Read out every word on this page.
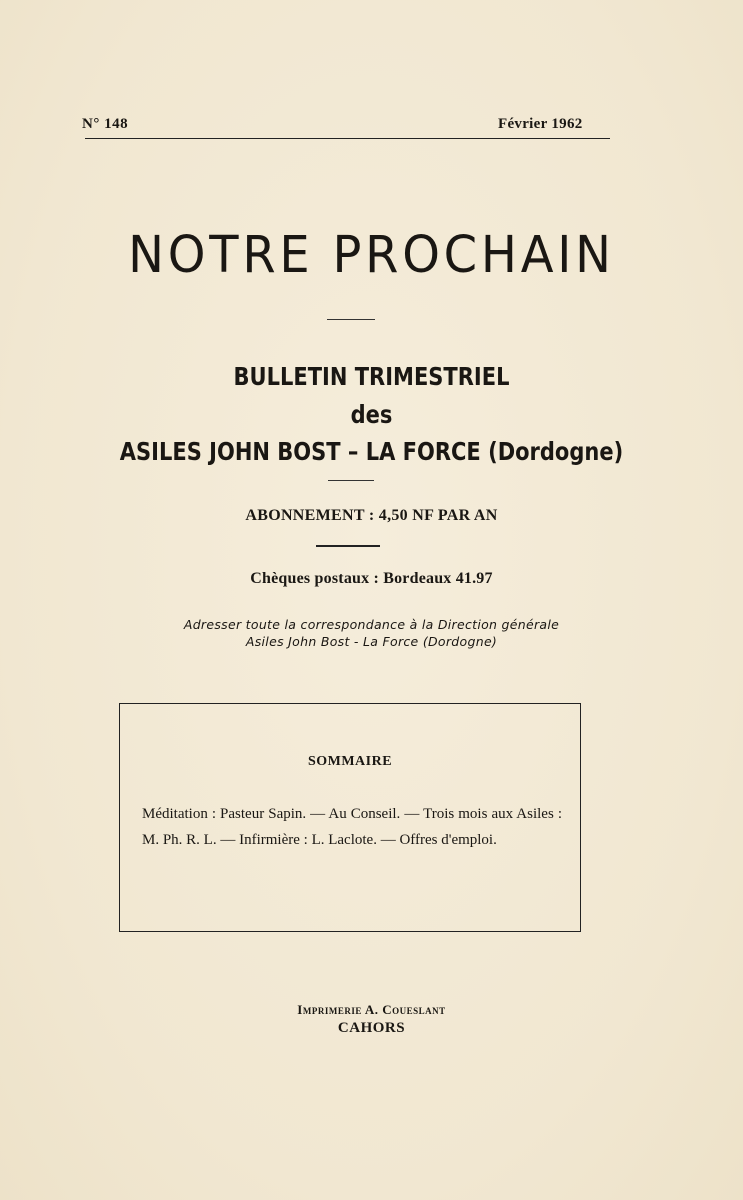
N° 148	Février 1962
NOTRE PROCHAIN
BULLETIN TRIMESTRIEL
des
ASILES JOHN BOST – LA FORCE (Dordogne)
ABONNEMENT : 4,50 NF PAR AN
Chèques postaux : Bordeaux 41.97
Adresser toute la correspondance à la Direction générale
Asiles John Bost - La Force (Dordogne)
SOMMAIRE
Méditation : Pasteur Sapin. — Au Conseil. — Trois mois aux Asiles : M. Ph. R. L. — Infirmière : L. Laclote. — Offres d'emploi.
Imprimerie A. Coueslant
CAHORS
